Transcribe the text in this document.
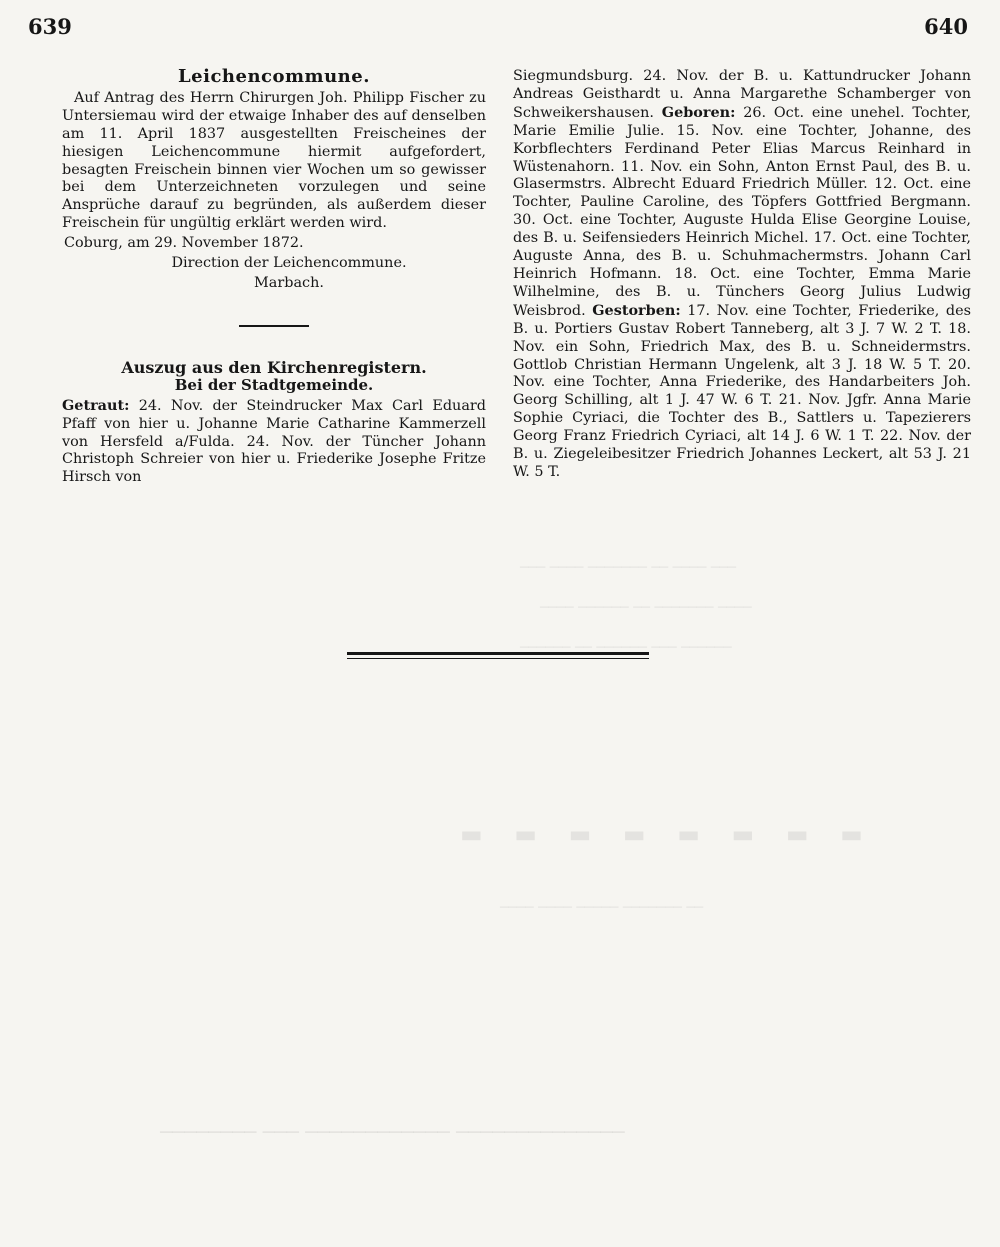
639	640
─── ──── ─────── ── ──── ───
──── ────── ── ─────── ────
────── ── ────── ─── ──────
▬ ▬ ▬ ▬ ▬ ▬ ▬ ▬
──── ──── ───── ─────── ──
──────── ─── ──────────── ──────────────
Leichencommune.

Auf Antrag des Herrn Chirurgen Joh. Philipp Fischer zu Untersiemau wird der etwaige Inhaber des auf denselben am 11. April 1837 ausgestellten Freischeines der hiesigen Leichencommune hiermit aufgefordert, besagten Freischein binnen vier Wochen um so gewisser bei dem Unterzeichneten vorzulegen und seine Ansprüche darauf zu begründen, als außerdem dieser Freischein für ungültig erklärt werden wird.

Coburg, am 29. November 1872.
Direction der Leichencommune.
Marbach.
Auszug aus den Kirchenregistern.
Bei der Stadtgemeinde.

Getraut: 24. Nov. der Steindrucker Max Carl Eduard Pfaff von hier u. Johanne Marie Catharine Kammerzell von Hersfeld a/Fulda. 24. Nov. der Tüncher Johann Christoph Schreier von hier u. Friederike Josephe Fritze Hirsch von

Siegmundsburg. 24. Nov. der B. u. Kattundrucker Johann Andreas Geisthardt u. Anna Margarethe Schamberger von Schweikershausen. Geboren: 26. Oct. eine unehel. Tochter, Marie Emilie Julie. 15. Nov. eine Tochter, Johanne, des Korbflechters Ferdinand Peter Elias Marcus Reinhard in Wüstenahorn. 11. Nov. ein Sohn, Anton Ernst Paul, des B. u. Glasermstrs. Albrecht Eduard Friedrich Müller. 12. Oct. eine Tochter, Pauline Caroline, des Töpfers Gottfried Bergmann. 30. Oct. eine Tochter, Auguste Hulda Elise Georgine Louise, des B. u. Seifensieders Heinrich Michel. 17. Oct. eine Tochter, Auguste Anna, des B. u. Schuhmachermstrs. Johann Carl Heinrich Hofmann. 18. Oct. eine Tochter, Emma Marie Wilhelmine, des B. u. Tünchers Georg Julius Ludwig Weisbrod. Gestorben: 17. Nov. eine Tochter, Friederike, des B. u. Portiers Gustav Robert Tanneberg, alt 3 J. 7 W. 2 T. 18. Nov. ein Sohn, Friedrich Max, des B. u. Schneidermstrs. Gottlob Christian Hermann Ungelenk, alt 3 J. 18 W. 5 T. 20. Nov. eine Tochter, Anna Friederike, des Handarbeiters Joh. Georg Schilling, alt 1 J. 47 W. 6 T. 21. Nov. Jgfr. Anna Marie Sophie Cyriaci, die Tochter des B., Sattlers u. Tapezierers Georg Franz Friedrich Cyriaci, alt 14 J. 6 W. 1 T. 22. Nov. der B. u. Ziegeleibesitzer Friedrich Johannes Leckert, alt 53 J. 21 W. 5 T.
